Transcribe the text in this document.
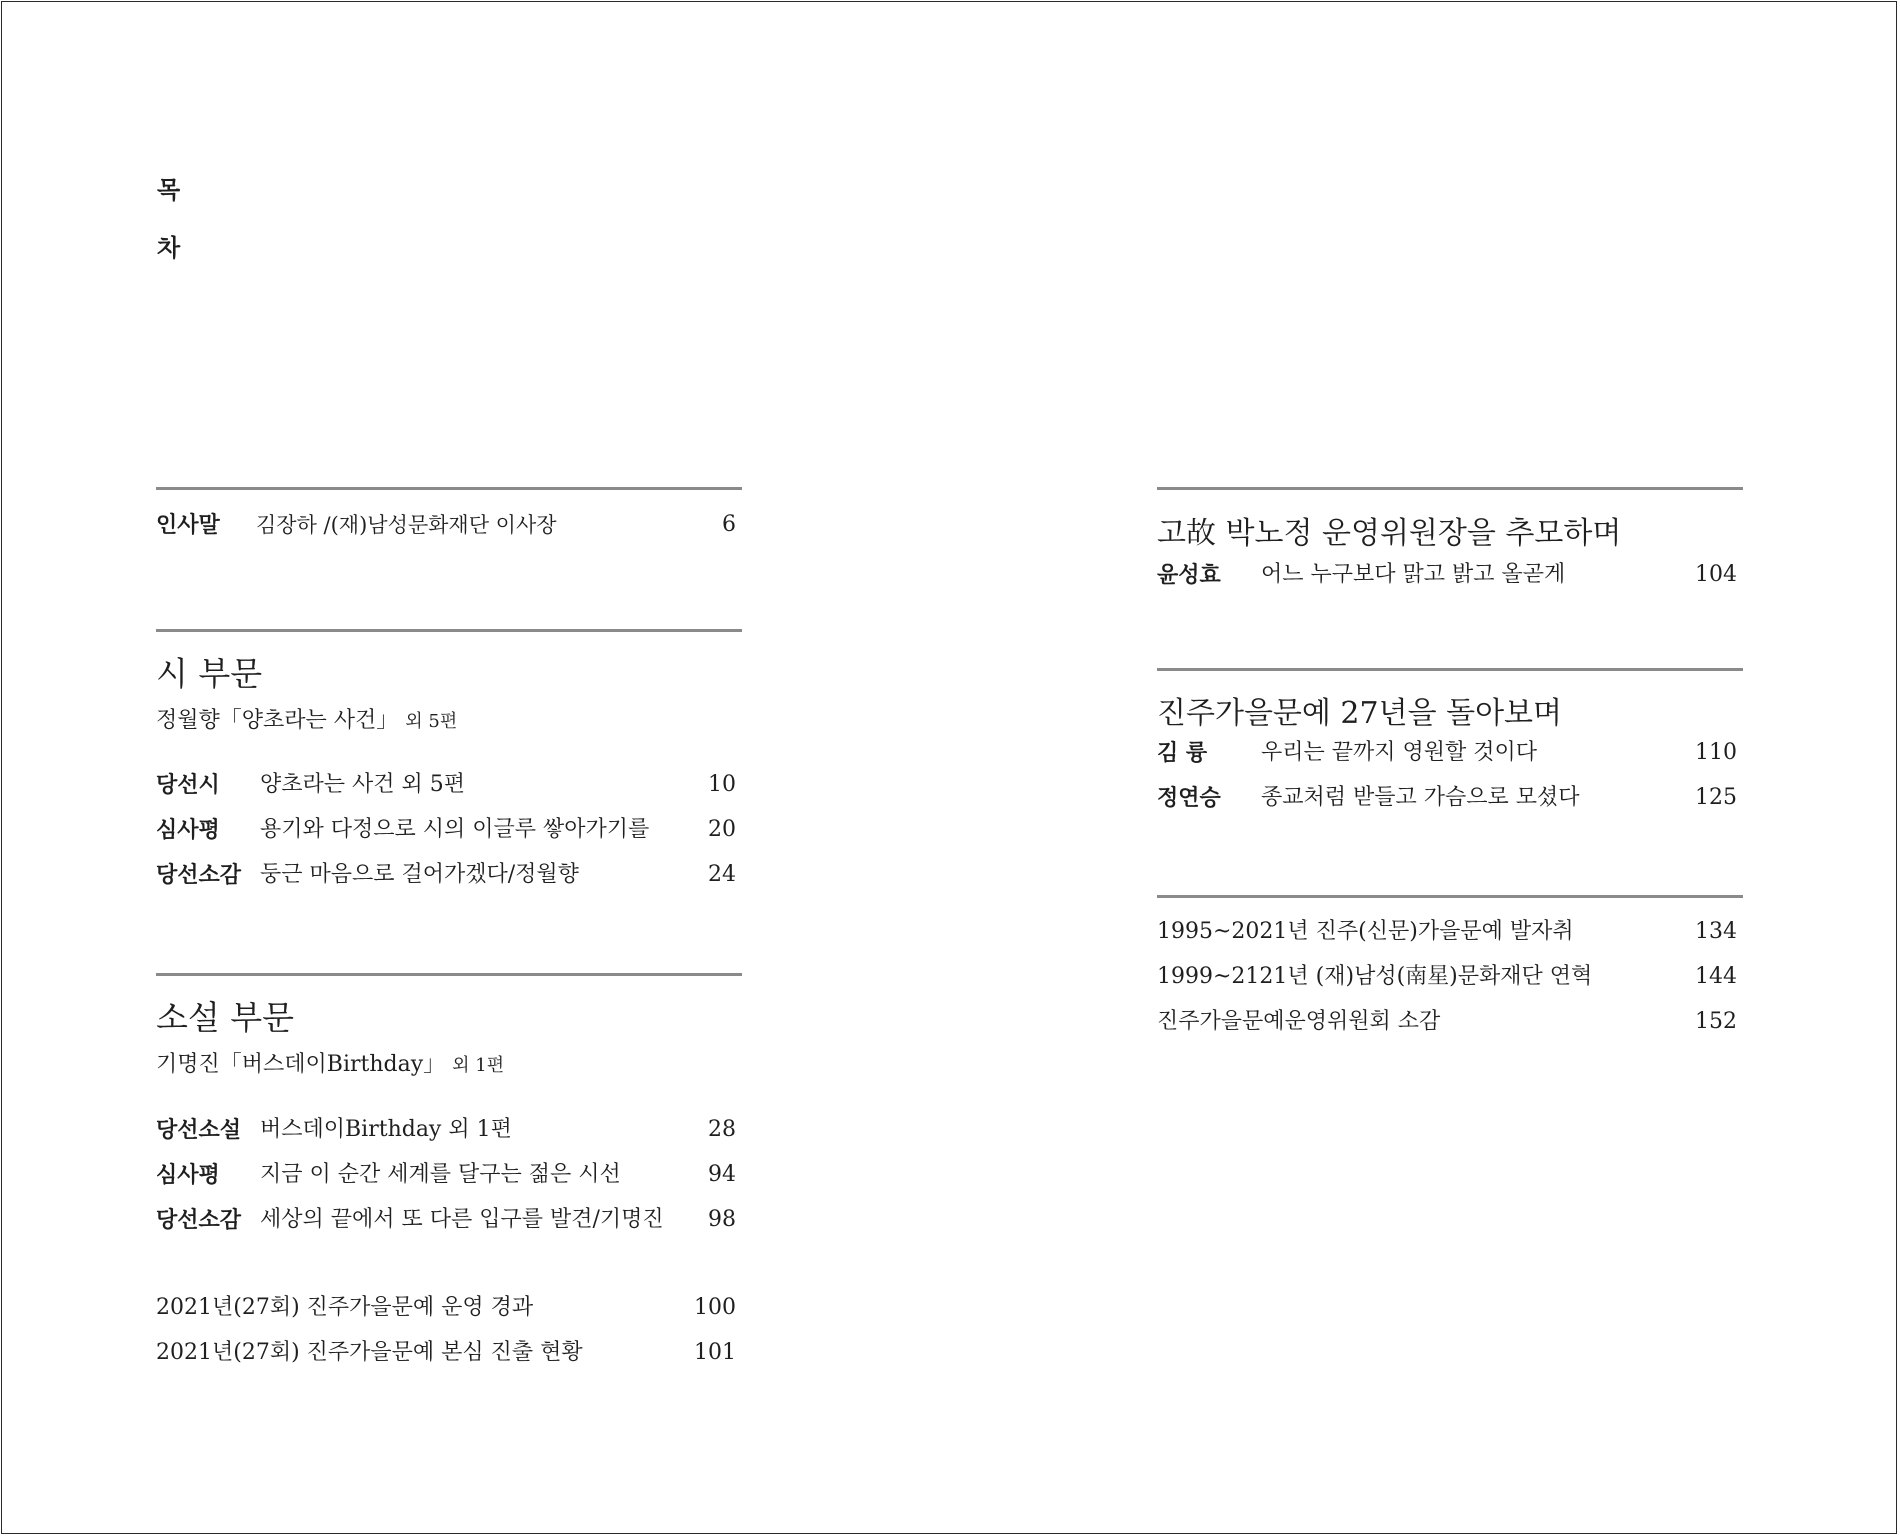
목
차
인사말 김장하 /(재)남성문화재단 이사장	6
시 부문
정월향「양초라는 사건」 외 5편
당선시 양초라는 사건 외 5편	10
심사평 용기와 다정으로 시의 이글루 쌓아가기를	20
당선소감 둥근 마음으로 걸어가겠다/정월향	24
소설 부문
기명진「버스데이Birthday」 외 1편
당선소설 버스데이Birthday 외 1편	28
심사평 지금 이 순간 세계를 달구는 젊은 시선	94
당선소감 세상의 끝에서 또 다른 입구를 발견/기명진 98
2021년(27회) 진주가을문예 운영 경과	100
2021년(27회) 진주가을문예 본심 진출 현황	101
고故 박노정 운영위원장을 추모하며
윤성효 어느 누구보다 맑고 밝고 올곧게	104
진주가을문예 27년을 돌아보며
김 륭 우리는 끝까지 영원할 것이다	110
정연승 종교처럼 받들고 가슴으로 모셨다	125
1995~2021년 진주(신문)가을문예 발자취	134
1999~2121년 (재)남성(南星)문화재단 연혁	144
진주가을문예운영위원회 소감	152
